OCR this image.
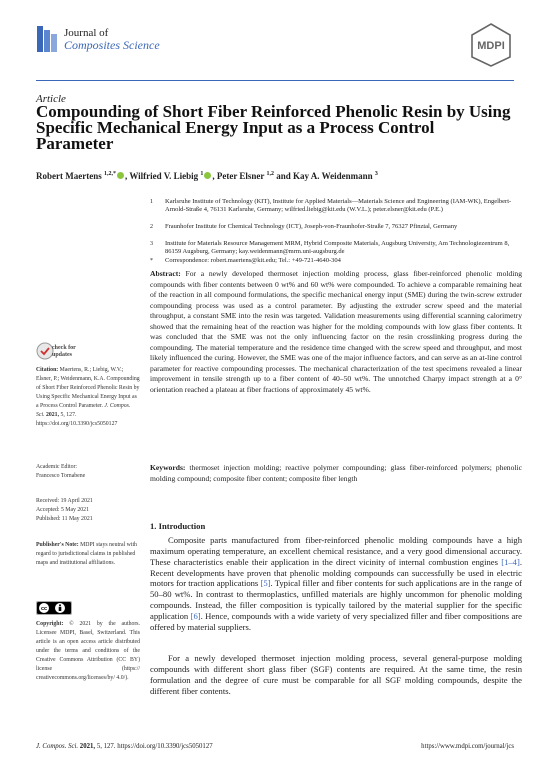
Journal of
Composites Science	MDPI
Article
Compounding of Short Fiber Reinforced Phenolic Resin by Using Specific Mechanical Energy Input as a Process Control Parameter
Robert Maertens $^{1,2,*}$ , Wilfried V. Liebig $^1$ , Peter Elsner $^{1,2}$ and Kay A. Weidenmann $^3$
1 Karlsruhe Institute of Technology (KIT), Institute for Applied Materials—Materials Science and Engineering (IAM-WK), Engelbert-Arnold-Straße 4, 76131 Karlsruhe, Germany; wilfried.liebig@kit.edu (W.V.L.); peter.elsner@kit.edu (P.E.)
2 Fraunhofer Institute for Chemical Technology (ICT), Joseph-von-Fraunhofer-Straße 7, 76327 Pfinztal, Germany
3 Institute for Materials Resource Management MRM, Hybrid Composite Materials, Augsburg University, Am Technologiezentrum 8, 86159 Augsburg, Germany; kay.weidenmann@mrm.uni-augsburg.de
Abstract: For a newly developed thermoset injection molding process, glass fiber-reinforced phenolic molding compounds with fiber contents between 0 wt% and 60 wt% were compounded. To achieve a comparable remaining heat of the reaction in all compound formulations, the specific mechanical energy input (SME) during the twin-screw extruder compounding process was used as a control parameter. By adjusting the extruder screw speed and the material throughput, a constant SME into the resin was targeted. Validation measurements using differential scanning calorimetry showed that the remaining heat of the reaction was higher for the molding compounds with low glass fiber contents. It was concluded that the SME was not the only influencing factor on the resin crosslinking progress during the compounding. The material temperature and the residence time changed with the screw speed and throughput, and most likely influenced the curing. However, the SME was one of the major influence factors, and can serve as an at-line control parameter for reactive compounding processes. The mechanical characterization of the test specimens revealed a linear improvement in tensile strength up to a fiber content of 40–50 wt%. The unnotched Charpy impact strength at a 0° orientation reached a plateau at fiber fractions of approximately 45 wt%.
Keywords: thermoset injection molding; reactive polymer compounding; glass fiber-reinforced polymers; phenolic molding compound; composite fiber content; composite fiber length
check for
updates
Citation: Maertens, R.; Liebig, W.V.; Elsner, P.; Weidenmann, K.A. Compounding of Short Fiber Reinforced Phenolic Resin by Using Specific Mechanical Energy Input as a Process Control Parameter. J. Compos. Sci. 2021, 5, 127. https://doi.org/10.3390/jcs5050127
Academic Editor:
Francesco Tornabene
Received: 19 April 2021
Accepted: 5 May 2021
Published: 11 May 2021
Publisher's Note: MDPI stays neutral with regard to jurisdictional claims in published maps and institutional affiliations.
cc
Copyright: © 2021 by the authors. Licensee MDPI, Basel, Switzerland. This article is an open access article distributed under the terms and conditions of the Creative Commons Attribution (CC BY) license (https:// creativecommons.org/licenses/by/ 4.0/).
1. Introduction
Composite parts manufactured from fiber-reinforced phenolic molding compounds have a high maximum operating temperature, an excellent chemical resistance, and a very good dimensional accuracy. These characteristics enable their application in the direct vicinity of internal combustion engines [1–4]. Recent developments have proven that phenolic molding compounds can successfully be used in electric motors for traction applications [5]. Typical filler and fiber contents for such applications are in the range of 50–80 wt%. In contrast to thermoplastics, unfilled materials are highly uncommon for phenolic molding compounds. Instead, the filler composition is typically tailored by the material supplier for the specific application [6]. Hence, compounds with a wide variety of very specialized filler and fiber compositions are offered by material suppliers.
For a newly developed thermoset injection molding process, several general-purpose molding compounds with different short glass fiber (SGF) contents are required. At the same time, the resin formulation and the degree of cure must be comparable for all SGF molding compounds, despite the different fiber contents.
J. Compos. Sci. 2021, 5, 127. https://doi.org/10.3390/jcs5050127	https://www.mdpi.com/journal/jcs
* Correspondence: robert.maertens@kit.edu; Tel.: +49-721-4640-304
